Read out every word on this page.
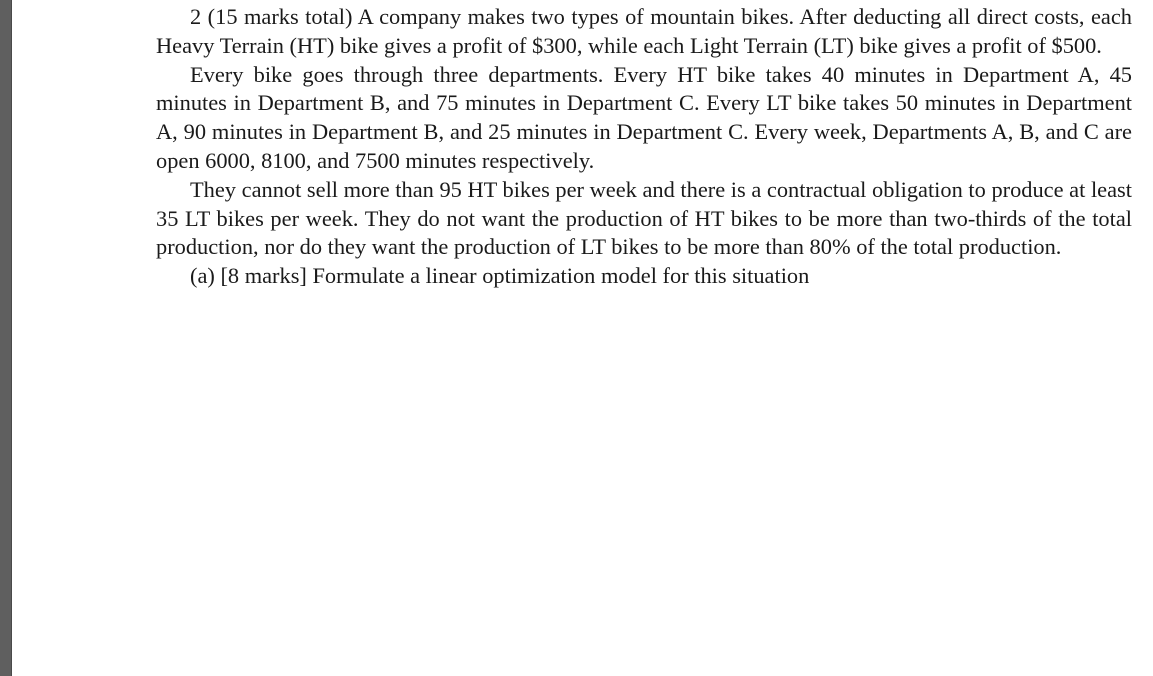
2 (15 marks total) A company makes two types of mountain bikes. After deducting all direct costs, each Heavy Terrain (HT) bike gives a profit of $300, while each Light Terrain (LT) bike gives a profit of $500.

Every bike goes through three departments. Every HT bike takes 40 minutes in Department A, 45 minutes in Department B, and 75 minutes in Department C. Every LT bike takes 50 minutes in Department A, 90 minutes in Department B, and 25 minutes in Department C. Every week, Departments A, B, and C are open 6000, 8100, and 7500 minutes respectively.

They cannot sell more than 95 HT bikes per week and there is a contractual obligation to produce at least 35 LT bikes per week. They do not want the production of HT bikes to be more than two-thirds of the total production, nor do they want the production of LT bikes to be more than 80% of the total production.

(a) [8 marks] Formulate a linear optimization model for this situation
